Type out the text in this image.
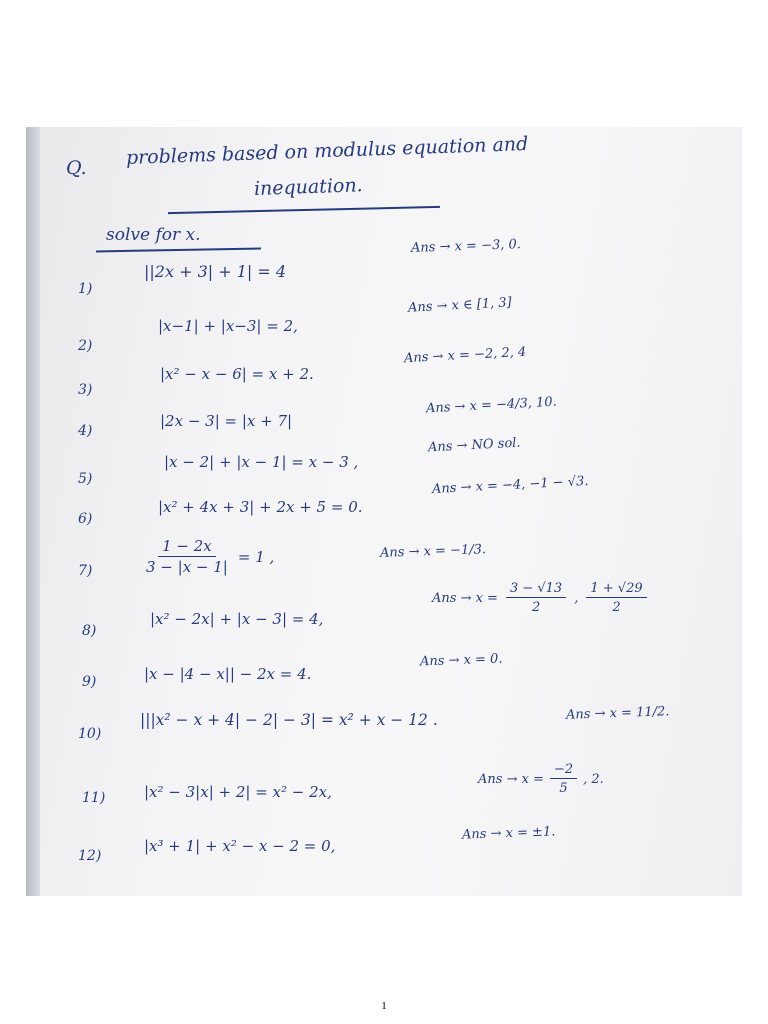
Q. problems based on modulus equation and
inequation.
solve for x.
1)
||2x + 3| + 1| = 4
Ans → x = −3, 0.
2)
|x−1| + |x−3| = 2,
Ans → x ∈ [1, 3]
3)
|x² − x − 6| = x + 2.
Ans → x = −2, 2, 4
4)
|2x − 3| = |x + 7|
Ans → x = −4/3, 10.
5)
|x − 2| + |x − 1| = x − 3 ,
Ans → NO sol.
6)
|x² + 4x + 3| + 2x + 5 = 0.
Ans → x = −4, −1 − √3.
7)	$\frac{1 - 2x}{3 - |x - 1|} = 1$ ,	Ans → x = −1/3.
8)
|x² − 2x| + |x − 3| = 4,
Ans → $x = \frac{3 - √13}{2}$ , $\frac{1 + √29}{2}$
9)	|x − |4 − x|| − 2x = 4.
Ans → x = 0.
10)
|||x² − x + 4| − 2| − 3| = x² + x − 12 .	Ans → x = 11/2.
11)	|x² − 3|x| + 2| = x² − 2x,
Ans → $x = \frac{-2}{5}$ , 2.
12)
|x³ + 1| + x² − x − 2 = 0,
Ans → x = ±1.
1
